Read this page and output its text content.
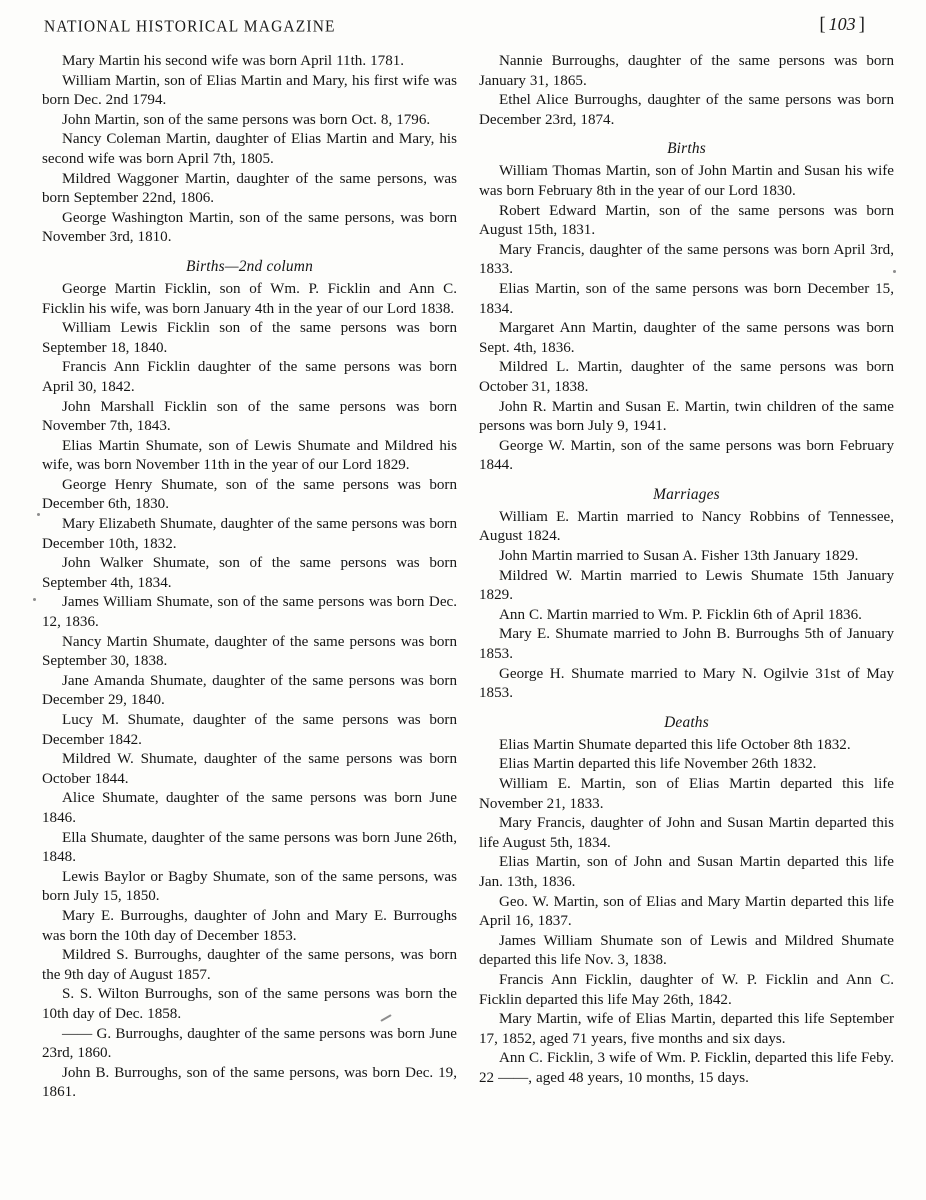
NATIONAL HISTORICAL MAGAZINE	[ 103 ]

Mary Martin his second wife was born April 11th. 1781.

William Martin, son of Elias Martin and Mary, his first wife was born Dec. 2nd 1794.

John Martin, son of the same persons was born Oct. 8, 1796.

Nancy Coleman Martin, daughter of Elias Martin and Mary, his second wife was born April 7th, 1805.

Mildred Waggoner Martin, daughter of the same persons, was born September 22nd, 1806.

George Washington Martin, son of the same persons, was born November 3rd, 1810.

Births—2nd column

George Martin Ficklin, son of Wm. P. Ficklin and Ann C. Ficklin his wife, was born January 4th in the year of our Lord 1838.

William Lewis Ficklin son of the same persons was born September 18, 1840.

Francis Ann Ficklin daughter of the same persons was born April 30, 1842.

John Marshall Ficklin son of the same persons was born November 7th, 1843.

Elias Martin Shumate, son of Lewis Shumate and Mildred his wife, was born November 11th in the year of our Lord 1829.

George Henry Shumate, son of the same persons was born December 6th, 1830.

Mary Elizabeth Shumate, daughter of the same persons was born December 10th, 1832.

John Walker Shumate, son of the same persons was born September 4th, 1834.

James William Shumate, son of the same persons was born Dec. 12, 1836.

Nancy Martin Shumate, daughter of the same persons was born September 30, 1838.

Jane Amanda Shumate, daughter of the same persons was born December 29, 1840.

Lucy M. Shumate, daughter of the same persons was born December 1842.

Mildred W. Shumate, daughter of the same persons was born October 1844.

Alice Shumate, daughter of the same persons was born June 1846.

Ella Shumate, daughter of the same persons was born June 26th, 1848.

Lewis Baylor or Bagby Shumate, son of the same persons, was born July 15, 1850.

Mary E. Burroughs, daughter of John and Mary E. Burroughs was born the 10th day of December 1853.

Mildred S. Burroughs, daughter of the same persons, was born the 9th day of August 1857.

S. S. Wilton Burroughs, son of the same persons was born the 10th day of Dec. 1858.

—— G. Burroughs, daughter of the same persons was born June 23rd, 1860.

John B. Burroughs, son of the same persons, was born Dec. 19, 1861.

Nannie Burroughs, daughter of the same persons was born January 31, 1865.

Ethel Alice Burroughs, daughter of the same persons was born December 23rd, 1874.

Births

William Thomas Martin, son of John Martin and Susan his wife was born February 8th in the year of our Lord 1830.

Robert Edward Martin, son of the same persons was born August 15th, 1831.

Mary Francis, daughter of the same persons was born April 3rd, 1833.

Elias Martin, son of the same persons was born December 15, 1834.

Margaret Ann Martin, daughter of the same persons was born Sept. 4th, 1836.

Mildred L. Martin, daughter of the same persons was born October 31, 1838.

John R. Martin and Susan E. Martin, twin children of the same persons was born July 9, 1941.

George W. Martin, son of the same persons was born February 1844.

Marriages

William E. Martin married to Nancy Robbins of Tennessee, August 1824.

John Martin married to Susan A. Fisher 13th January 1829.

Mildred W. Martin married to Lewis Shumate 15th January 1829.

Ann C. Martin married to Wm. P. Ficklin 6th of April 1836.

Mary E. Shumate married to John B. Burroughs 5th of January 1853.

George H. Shumate married to Mary N. Ogilvie 31st of May 1853.

Deaths

Elias Martin Shumate departed this life October 8th 1832.

Elias Martin departed this life November 26th 1832.

William E. Martin, son of Elias Martin departed this life November 21, 1833.

Mary Francis, daughter of John and Susan Martin departed this life August 5th, 1834.

Elias Martin, son of John and Susan Martin departed this life Jan. 13th, 1836.

Geo. W. Martin, son of Elias and Mary Martin departed this life April 16, 1837.

James William Shumate son of Lewis and Mildred Shumate departed this life Nov. 3, 1838.

Francis Ann Ficklin, daughter of W. P. Ficklin and Ann C. Ficklin departed this life May 26th, 1842.

Mary Martin, wife of Elias Martin, departed this life September 17, 1852, aged 71 years, five months and six days.

Ann C. Ficklin, 3 wife of Wm. P. Ficklin, departed this life Feby. 22 ——, aged 48 years, 10 months, 15 days.
